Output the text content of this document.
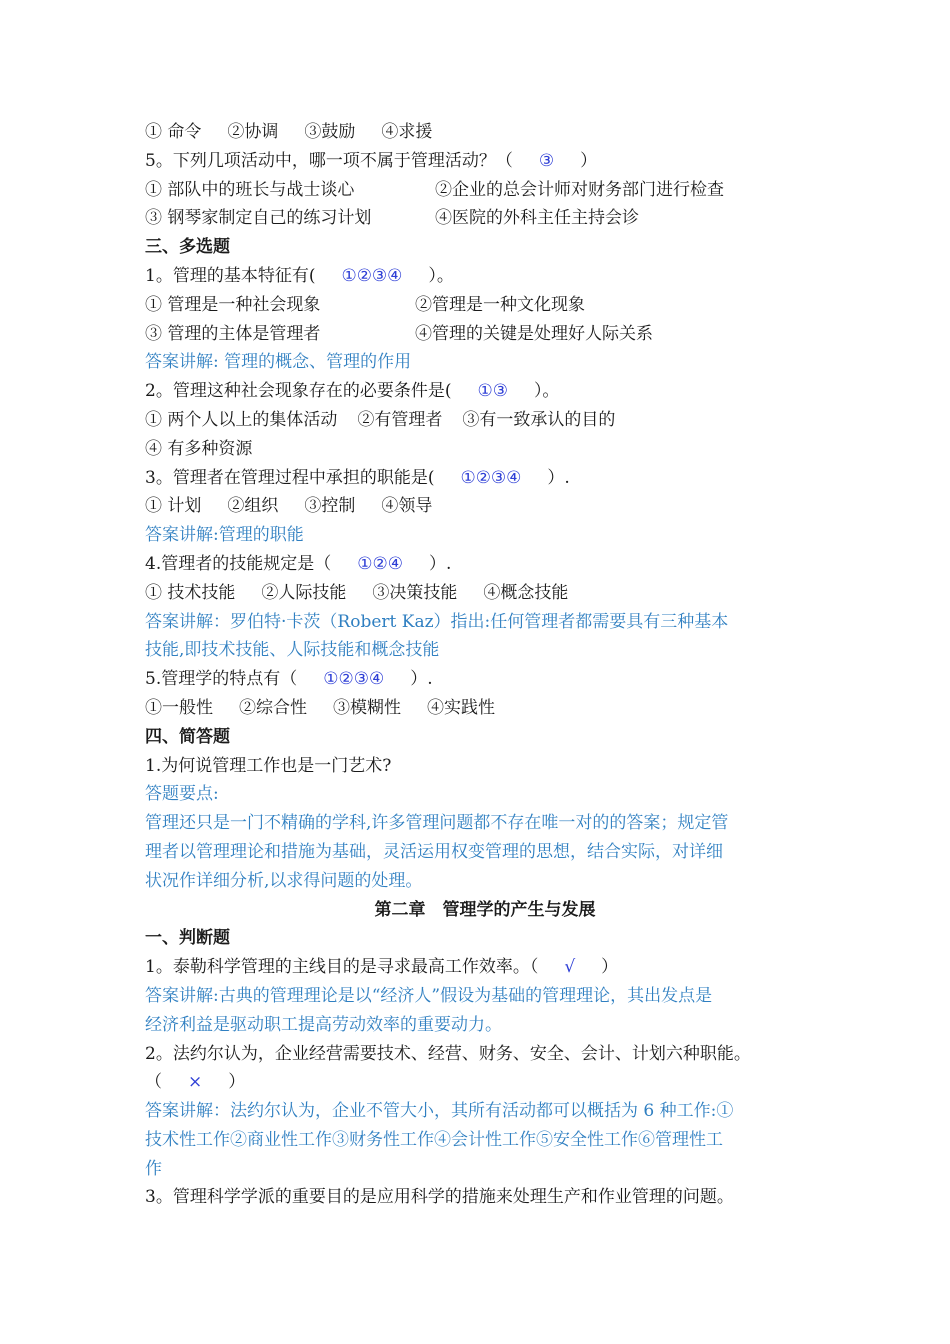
① 命令 ②协调 ③鼓励 ④求援
5。下列几项活动中，哪一项不属于管理活动？（ ③ ）
① 部队中的班长与战士谈心	②企业的总会计师对财务部门进行检查
③ 钢琴家制定自己的练习计划	④医院的外科主任主持会诊
三、多选题
1。管理的基本特征有( ①②③④ ）。
① 管理是一种社会现象	②管理是一种文化现象
③ 管理的主体是管理者	④管理的关键是处理好人际关系
答案讲解: 管理的概念、管理的作用
2。管理这种社会现象存在的必要条件是( ①③ ）。
① 两个人以上的集体活动 ②有管理者 ③有一致承认的目的
④ 有多种资源
3。管理者在管理过程中承担的职能是( ①②③④ ）.
① 计划 ②组织 ③控制 ④领导
答案讲解:管理的职能
4.管理者的技能规定是（ ①②④ ）.
① 技术技能 ②人际技能 ③决策技能 ④概念技能
答案讲解：罗伯特·卡茨（Robert Kaz）指出:任何管理者都需要具有三种基本
技能,即技术技能、人际技能和概念技能
5.管理学的特点有（ ①②③④ ）.
①一般性 ②综合性 ③模糊性 ④实践性
四、简答题
1.为何说管理工作也是一门艺术?
答题要点:
管理还只是一门不精确的学科,许多管理问题都不存在唯一对的的答案；规定管
理者以管理理论和措施为基础，灵活运用权变管理的思想，结合实际，对详细
状况作详细分析,以求得问题的处理。
第二章　管理学的产生与发展
一、判断题
1。泰勒科学管理的主线目的是寻求最高工作效率。（ √ ）
答案讲解:古典的管理理论是以“经济人”假设为基础的管理理论，其出发点是
经济利益是驱动职工提高劳动效率的重要动力。
2。法约尔认为，企业经营需要技术、经营、财务、安全、会计、计划六种职能。
（ × ）
答案讲解：法约尔认为，企业不管大小，其所有活动都可以概括为 6 种工作:①
技术性工作②商业性工作③财务性工作④会计性工作⑤安全性工作⑥管理性工
作
3。管理科学学派的重要目的是应用科学的措施来处理生产和作业管理的问题。
